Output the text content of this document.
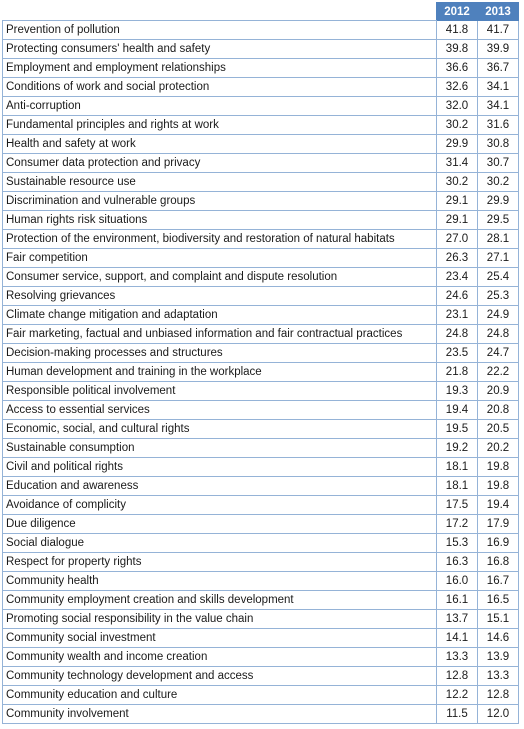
	2012	2013
Prevention of pollution	41.8	41.7
Protecting consumers' health and safety	39.8	39.9
Employment and employment relationships	36.6	36.7
Conditions of work and social protection	32.6	34.1
Anti-corruption	32.0	34.1
Fundamental principles and rights at work	30.2	31.6
Health and safety at work	29.9	30.8
Consumer data protection and privacy	31.4	30.7
Sustainable resource use	30.2	30.2
Discrimination and vulnerable groups	29.1	29.9
Human rights risk situations	29.1	29.5
Protection of the environment, biodiversity and restoration of natural habitats	27.0	28.1
Fair competition	26.3	27.1
Consumer service, support, and complaint and dispute resolution	23.4	25.4
Resolving grievances	24.6	25.3
Climate change mitigation and adaptation	23.1	24.9
Fair marketing, factual and unbiased information and fair contractual practices	24.8	24.8
Decision-making processes and structures	23.5	24.7
Human development and training in the workplace	21.8	22.2
Responsible political involvement	19.3	20.9
Access to essential services	19.4	20.8
Economic, social, and cultural rights	19.5	20.5
Sustainable consumption	19.2	20.2
Civil and political rights	18.1	19.8
Education and awareness	18.1	19.8
Avoidance of complicity	17.5	19.4
Due diligence	17.2	17.9
Social dialogue	15.3	16.9
Respect for property rights	16.3	16.8
Community health	16.0	16.7
Community employment creation and skills development	16.1	16.5
Promoting social responsibility in the value chain	13.7	15.1
Community social investment	14.1	14.6
Community wealth and income creation	13.3	13.9
Community technology development and access	12.8	13.3
Community education and culture	12.2	12.8
Community involvement	11.5	12.0
